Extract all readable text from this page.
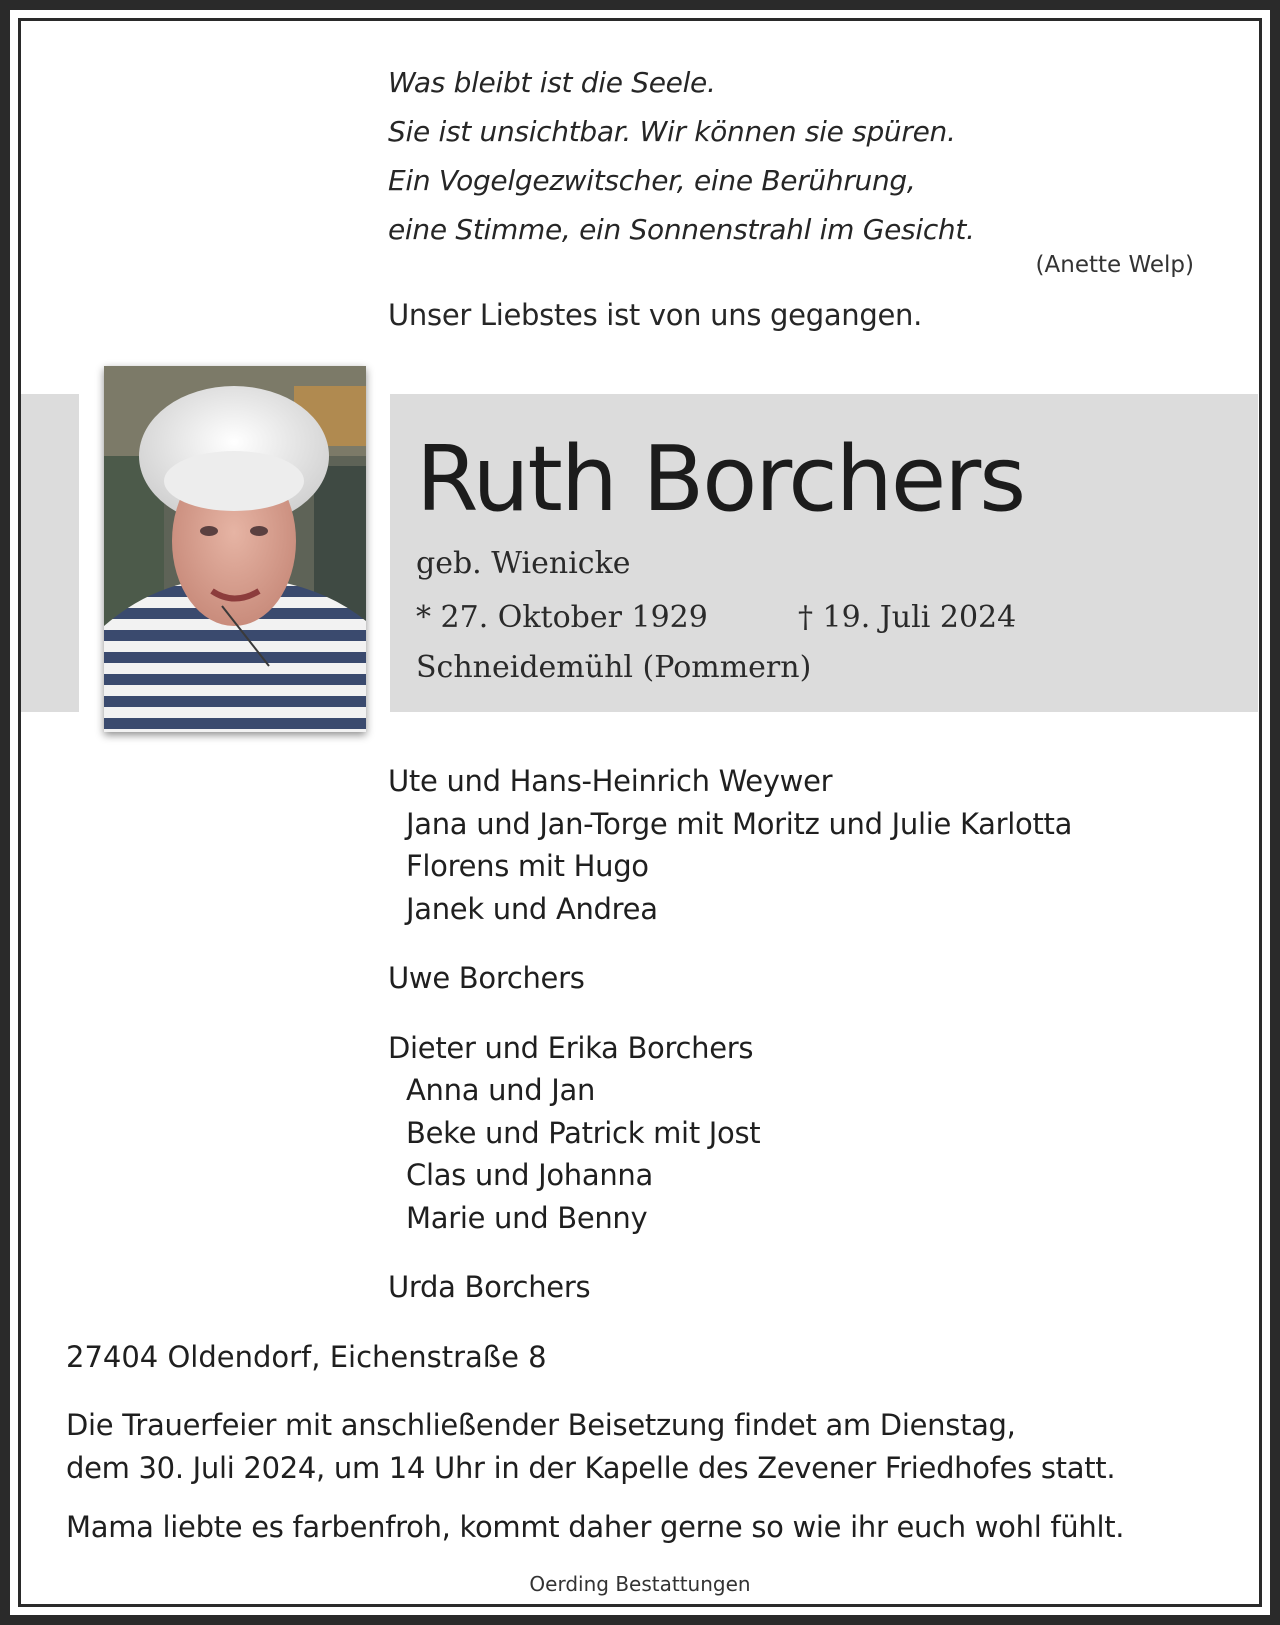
Was bleibt ist die Seele.
Sie ist unsichtbar. Wir können sie spüren.
Ein Vogelgezwitscher, eine Berührung,
eine Stimme, ein Sonnenstrahl im Gesicht.
(Anette Welp)
Unser Liebstes ist von uns gegangen.
Ruth Borchers
geb. Wienicke
* 27. Oktober 1929	† 19. Juli 2024
Schneidemühl (Pommern)
Ute und Hans-Heinrich Weywer
Jana und Jan-Torge mit Moritz und Julie Karlotta
Florens mit Hugo
Janek und Andrea
Uwe Borchers
Dieter und Erika Borchers
Anna und Jan
Beke und Patrick mit Jost
Clas und Johanna
Marie und Benny
Urda Borchers
27404 Oldendorf, Eichenstraße 8
Die Trauerfeier mit anschließender Beisetzung findet am Dienstag,
dem 30. Juli 2024, um 14 Uhr in der Kapelle des Zevener Friedhofes statt.
Mama liebte es farbenfroh, kommt daher gerne so wie ihr euch wohl fühlt.
Oerding Bestattungen
